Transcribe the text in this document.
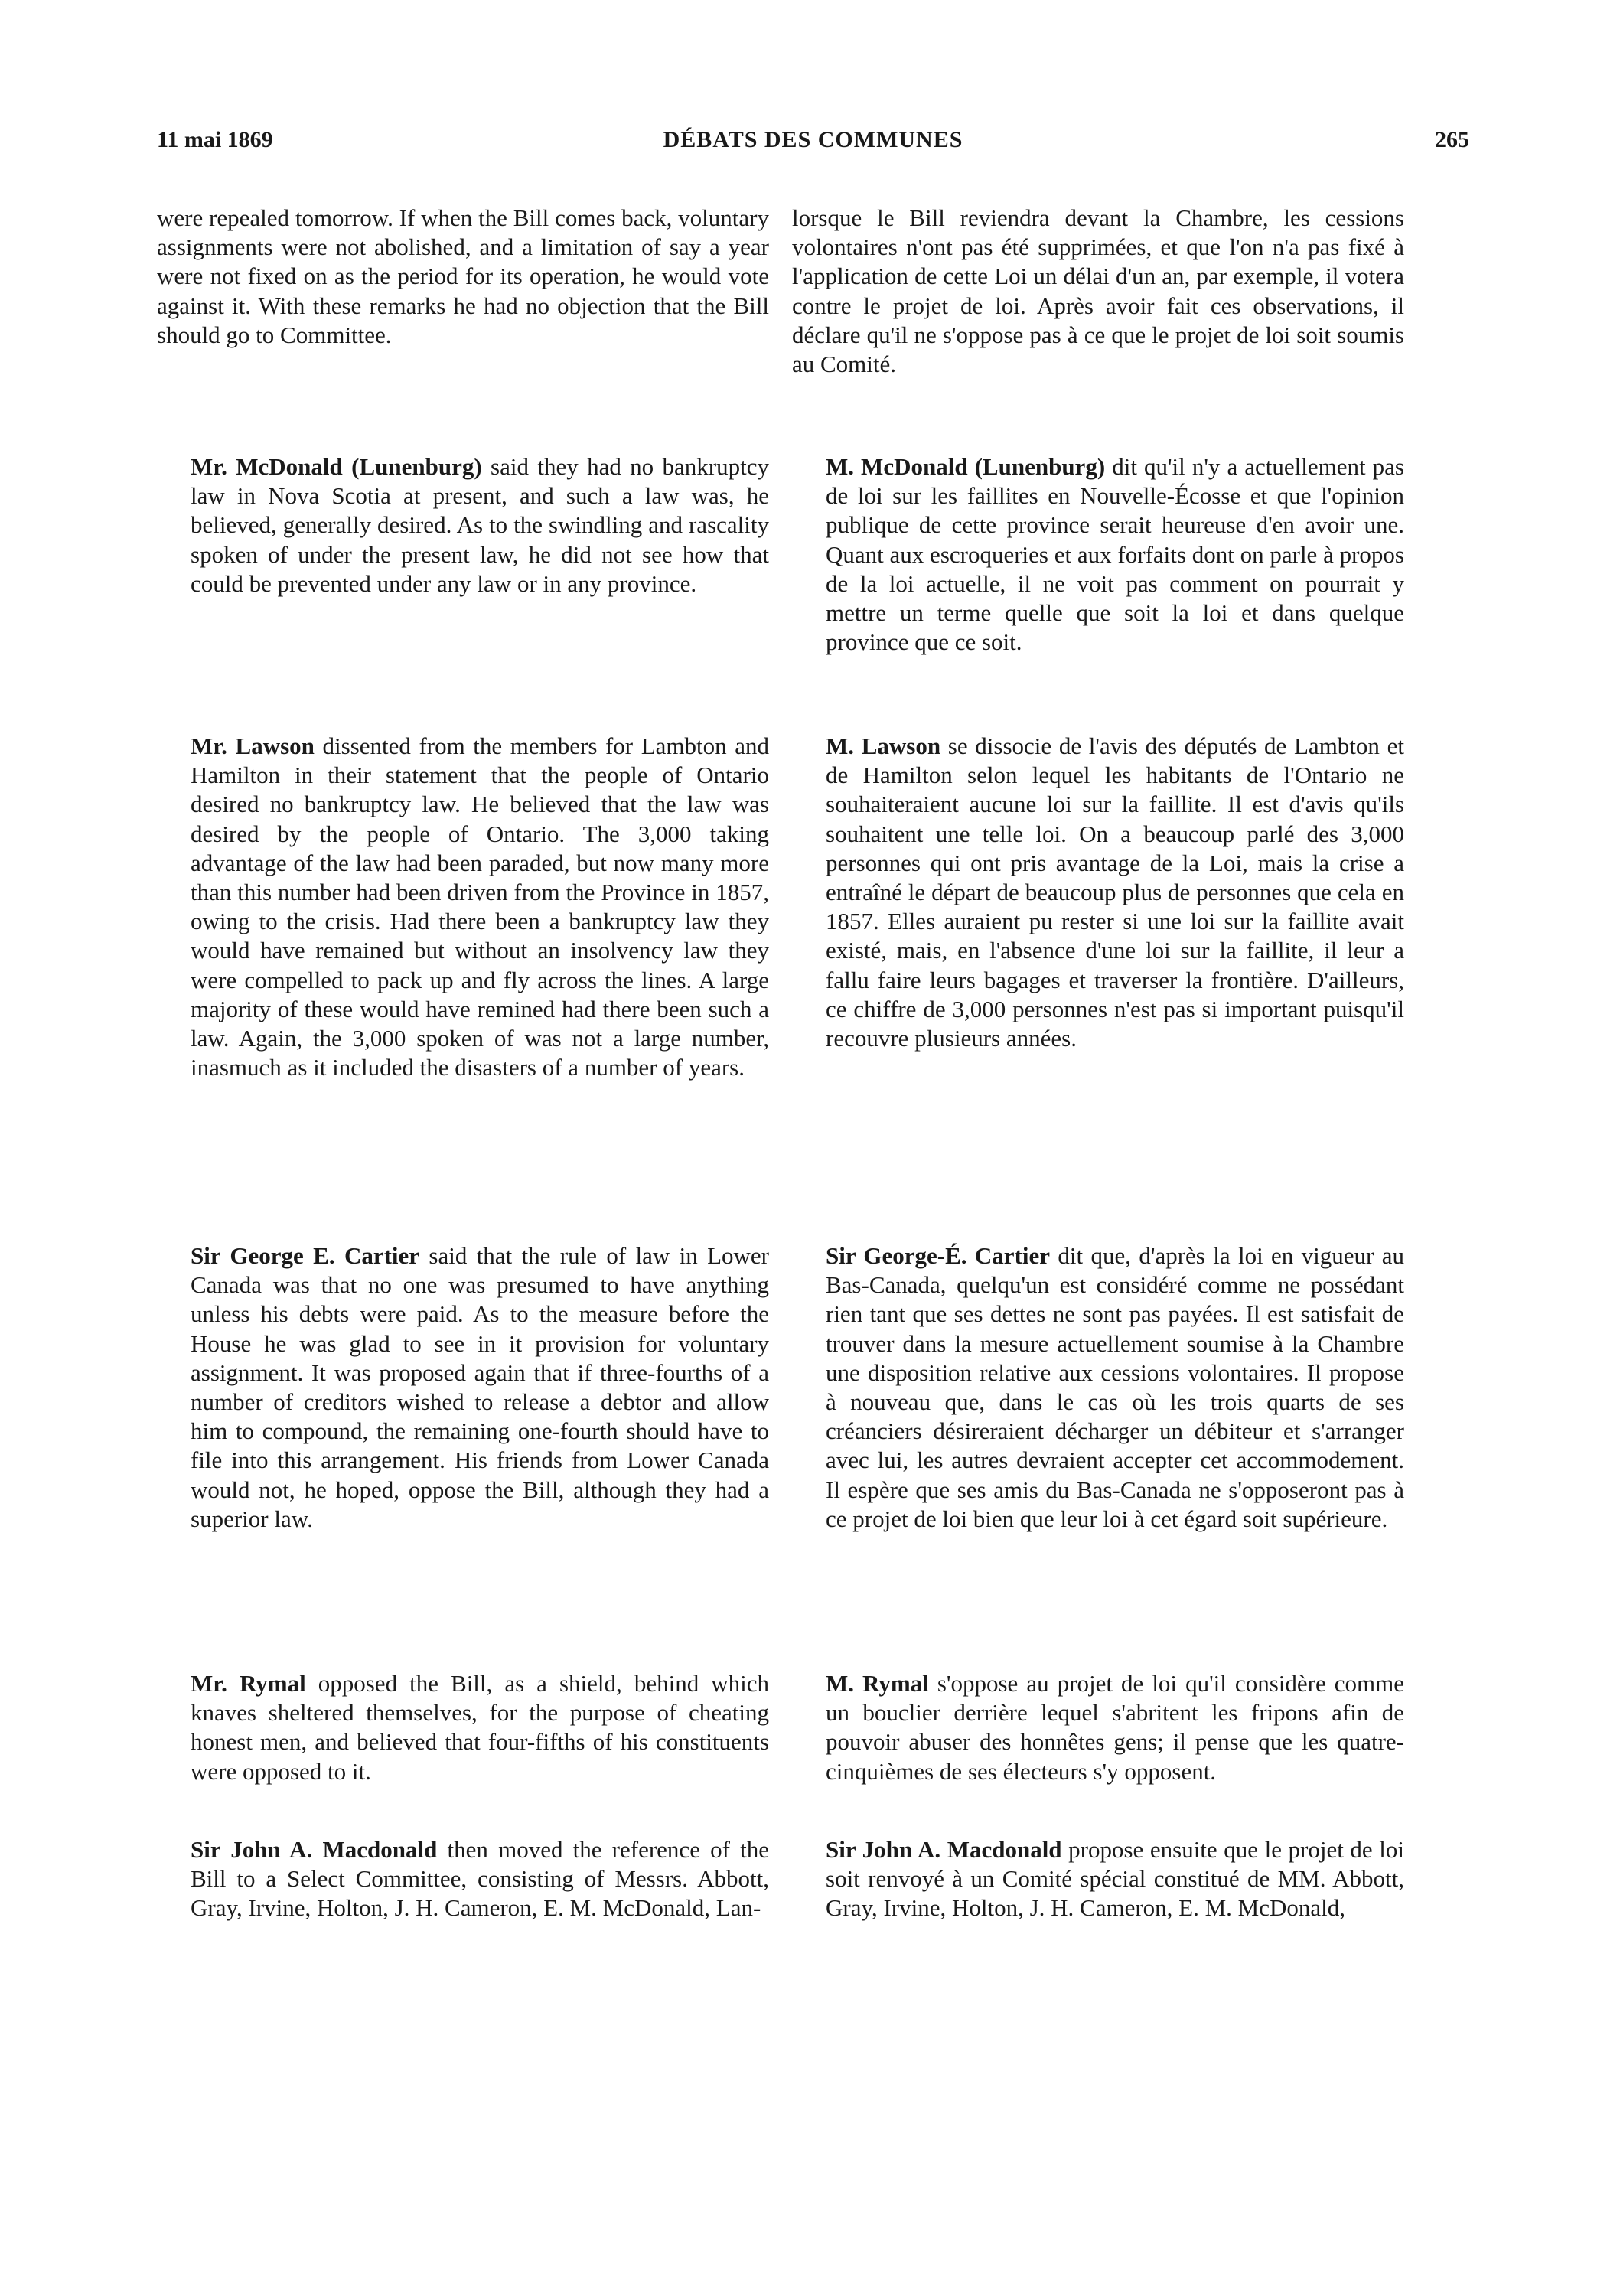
11 mai 1869	DÉBATS DES COMMUNES	265

were repealed tomorrow. If when the Bill comes back, voluntary assignments were not abolished, and a limitation of say a year were not fixed on as the period for its operation, he would vote against it. With these remarks he had no objection that the Bill should go to Committee.

Mr. McDonald (Lunenburg) said they had no bankruptcy law in Nova Scotia at present, and such a law was, he believed, generally desired. As to the swindling and rascality spoken of under the present law, he did not see how that could be prevented under any law or in any province.

Mr. Lawson dissented from the members for Lambton and Hamilton in their statement that the people of Ontario desired no bankruptcy law. He believed that the law was desired by the people of Ontario. The 3,000 taking advantage of the law had been paraded, but now many more than this number had been driven from the Province in 1857, owing to the crisis. Had there been a bankruptcy law they would have remained but without an insolvency law they were compelled to pack up and fly across the lines. A large majority of these would have remined had there been such a law. Again, the 3,000 spoken of was not a large number, inasmuch as it included the disasters of a number of years.

Sir George E. Cartier said that the rule of law in Lower Canada was that no one was presumed to have anything unless his debts were paid. As to the measure before the House he was glad to see in it provision for voluntary assignment. It was proposed again that if three-fourths of a number of creditors wished to release a debtor and allow him to compound, the remaining one-fourth should have to file into this arrangement. His friends from Lower Canada would not, he hoped, oppose the Bill, although they had a superior law.

Mr. Rymal opposed the Bill, as a shield, behind which knaves sheltered themselves, for the purpose of cheating honest men, and believed that four-fifths of his constituents were opposed to it.

Sir John A. Macdonald then moved the reference of the Bill to a Select Committee, consisting of Messrs. Abbott, Gray, Irvine, Holton, J. H. Cameron, E. M. McDonald, Lan-

lorsque le Bill reviendra devant la Chambre, les cessions volontaires n'ont pas été supprimées, et que l'on n'a pas fixé à l'application de cette Loi un délai d'un an, par exemple, il votera contre le projet de loi. Après avoir fait ces observations, il déclare qu'il ne s'oppose pas à ce que le projet de loi soit soumis au Comité.

M. McDonald (Lunenburg) dit qu'il n'y a actuellement pas de loi sur les faillites en Nouvelle-Écosse et que l'opinion publique de cette province serait heureuse d'en avoir une. Quant aux escroqueries et aux forfaits dont on parle à propos de la loi actuelle, il ne voit pas comment on pourrait y mettre un terme quelle que soit la loi et dans quelque province que ce soit.

M. Lawson se dissocie de l'avis des députés de Lambton et de Hamilton selon lequel les habitants de l'Ontario ne souhaiteraient aucune loi sur la faillite. Il est d'avis qu'ils souhaitent une telle loi. On a beaucoup parlé des 3,000 personnes qui ont pris avantage de la Loi, mais la crise a entraîné le départ de beaucoup plus de personnes que cela en 1857. Elles auraient pu rester si une loi sur la faillite avait existé, mais, en l'absence d'une loi sur la faillite, il leur a fallu faire leurs bagages et traverser la frontière. D'ailleurs, ce chiffre de 3,000 personnes n'est pas si important puisqu'il recouvre plusieurs années.

Sir George-É. Cartier dit que, d'après la loi en vigueur au Bas-Canada, quelqu'un est considéré comme ne possédant rien tant que ses dettes ne sont pas payées. Il est satisfait de trouver dans la mesure actuellement soumise à la Chambre une disposition relative aux cessions volontaires. Il propose à nouveau que, dans le cas où les trois quarts de ses créanciers désireraient décharger un débiteur et s'arranger avec lui, les autres devraient accepter cet accommodement. Il espère que ses amis du Bas-Canada ne s'opposeront pas à ce projet de loi bien que leur loi à cet égard soit supérieure.

M. Rymal s'oppose au projet de loi qu'il considère comme un bouclier derrière lequel s'abritent les fripons afin de pouvoir abuser des honnêtes gens; il pense que les quatre-cinquièmes de ses électeurs s'y opposent.

Sir John A. Macdonald propose ensuite que le projet de loi soit renvoyé à un Comité spécial constitué de MM. Abbott, Gray, Irvine, Holton, J. H. Cameron, E. M. McDonald,
